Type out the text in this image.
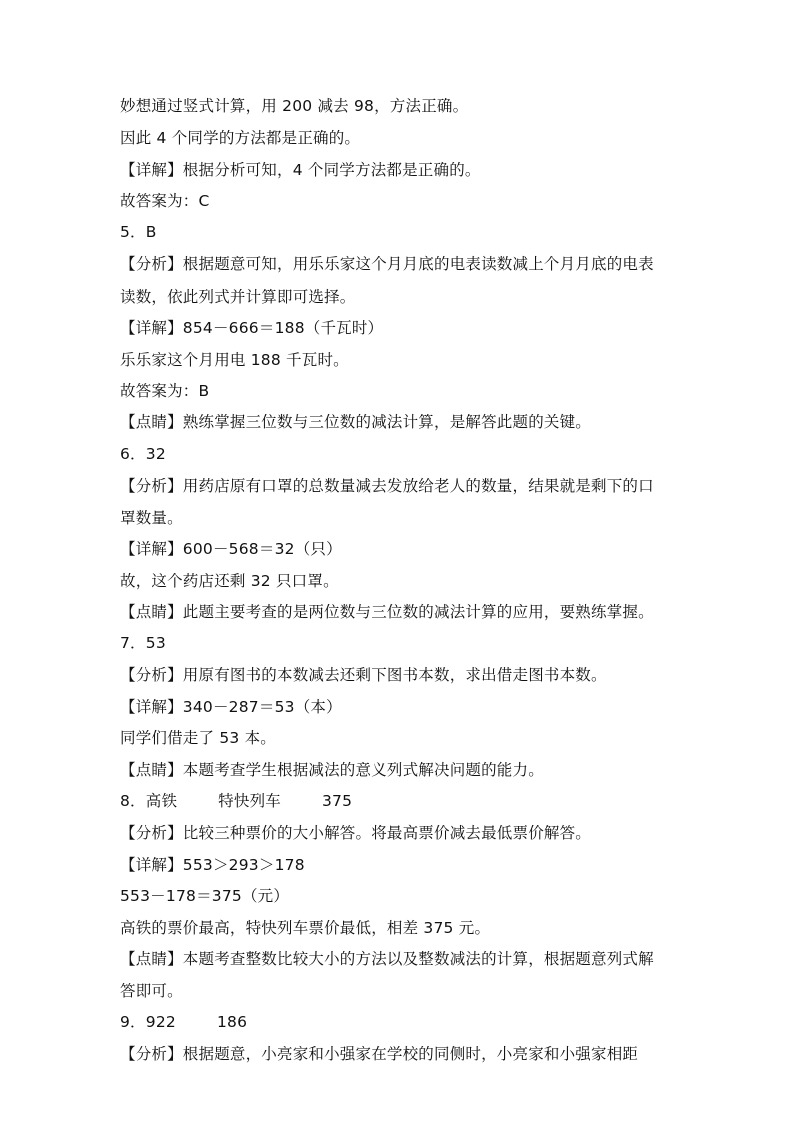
妙想通过竖式计算，用 200 减去 98，方法正确。
因此 4 个同学的方法都是正确的。
【详解】根据分析可知，4 个同学方法都是正确的。
故答案为：C
5．B
【分析】根据题意可知，用乐乐家这个月月底的电表读数减上个月月底的电表
读数，依此列式并计算即可选择。
【详解】854－666＝188（千瓦时）
乐乐家这个月用电 188 千瓦时。
故答案为：B
【点睛】熟练掌握三位数与三位数的减法计算，是解答此题的关键。
6．32
【分析】用药店原有口罩的总数量减去发放给老人的数量，结果就是剩下的口
罩数量。
【详解】600－568＝32（只）
故，这个药店还剩 32 只口罩。
【点睛】此题主要考查的是两位数与三位数的减法计算的应用，要熟练掌握。
7．53
【分析】用原有图书的本数减去还剩下图书本数，求出借走图书本数。
【详解】340－287＝53（本）
同学们借走了 53 本。
【点睛】本题考查学生根据减法的意义列式解决问题的能力。
8．高铁        特快列车        375
【分析】比较三种票价的大小解答。将最高票价减去最低票价解答。
【详解】553＞293＞178
553－178＝375（元）
高铁的票价最高，特快列车票价最低，相差 375 元。
【点睛】本题考查整数比较大小的方法以及整数减法的计算，根据题意列式解
答即可。
9．922        186
【分析】根据题意，小亮家和小强家在学校的同侧时，小亮家和小强家相距
